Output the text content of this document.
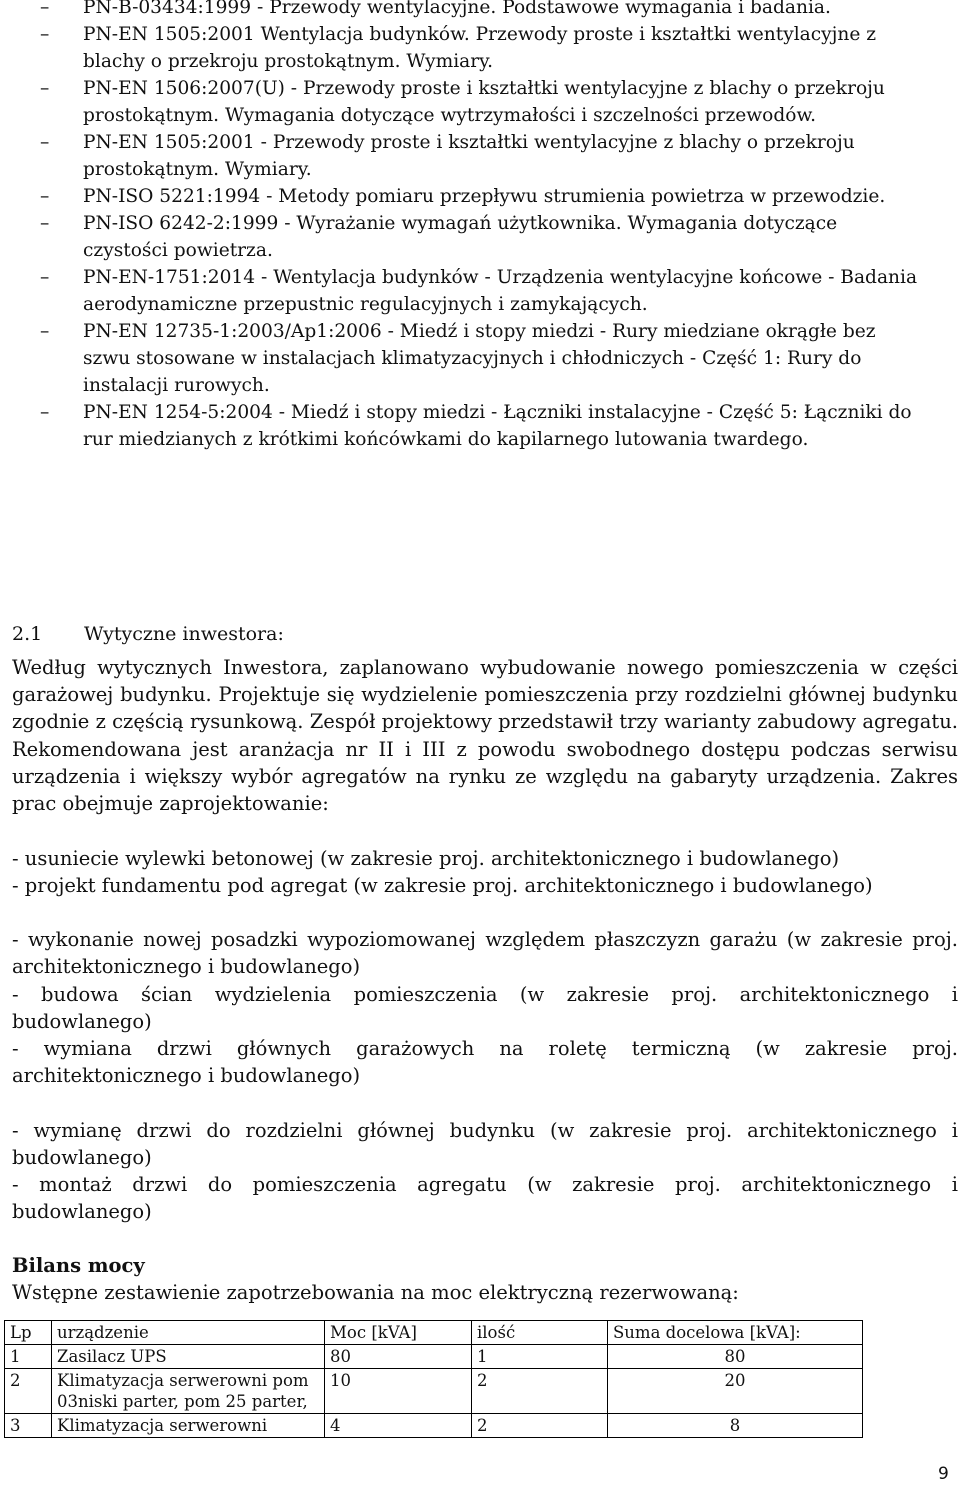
– PN-B-03434:1999 - Przewody wentylacyjne. Podstawowe wymagania i badania.
– PN-EN 1505:2001 Wentylacja budynków. Przewody proste i kształtki wentylacyjne z blachy o przekroju prostokątnym. Wymiary.
– PN-EN 1506:2007(U) - Przewody proste i kształtki wentylacyjne z blachy o przekroju prostokątnym. Wymagania dotyczące wytrzymałości i szczelności przewodów.
– PN-EN 1505:2001 - Przewody proste i kształtki wentylacyjne z blachy o przekroju prostokątnym. Wymiary.
– PN-ISO 5221:1994 - Metody pomiaru przepływu strumienia powietrza w przewodzie.
– PN-ISO 6242-2:1999 - Wyrażanie wymagań użytkownika. Wymagania dotyczące czystości powietrza.
– PN-EN-1751:2014 - Wentylacja budynków - Urządzenia wentylacyjne końcowe - Badania aerodynamiczne przepustnic regulacyjnych i zamykających.
– PN-EN 12735-1:2003/Ap1:2006 - Miedź i stopy miedzi - Rury miedziane okrągłe bez szwu stosowane w instalacjach klimatyzacyjnych i chłodniczych - Część 1: Rury do instalacji rurowych.
– PN-EN 1254-5:2004 - Miedź i stopy miedzi - Łączniki instalacyjne - Część 5: Łączniki do rur miedzianych z krótkimi końcówkami do kapilarnego lutowania twardego.
2.1 Wytyczne inwestora:

Według wytycznych Inwestora, zaplanowano wybudowanie nowego pomieszczenia w części garażowej budynku. Projektuje się wydzielenie pomieszczenia przy rozdzielni głównej budynku zgodnie z częścią rysunkową. Zespół projektowy przedstawił trzy warianty zabudowy agregatu. Rekomendowana jest aranżacja nr II i III z powodu swobodnego dostępu podczas serwisu urządzenia i większy wybór agregatów na rynku ze względu na gabaryty urządzenia. Zakres prac obejmuje zaprojektowanie:

- usuniecie wylewki betonowej (w zakresie proj. architektonicznego i budowlanego)

- projekt fundamentu pod agregat (w zakresie proj. architektonicznego i budowlanego)

- wykonanie nowej posadzki wypoziomowanej względem płaszczyzn garażu (w zakresie proj. architektonicznego i budowlanego)

- budowa ścian wydzielenia pomieszczenia (w zakresie proj. architektonicznego i budowlanego)

- wymiana drzwi głównych garażowych na roletę termiczną (w zakresie proj. architektonicznego i budowlanego)

- wymianę drzwi do rozdzielni głównej budynku (w zakresie proj. architektonicznego i budowlanego)

- montaż drzwi do pomieszczenia agregatu (w zakresie proj. architektonicznego i budowlanego)

Bilans mocy
Wstępne zestawienie zapotrzebowania na moc elektryczną rezerwowaną:
Lp	urządzenie	Moc [kVA]	ilość	Suma docelowa [kVA]:
1	Zasilacz UPS	80	1	80
2	Klimatyzacja serwerowni pom 03niski parter, pom 25 parter,	10	2	20
3	Klimatyzacja serwerowni	4	2	8
9
